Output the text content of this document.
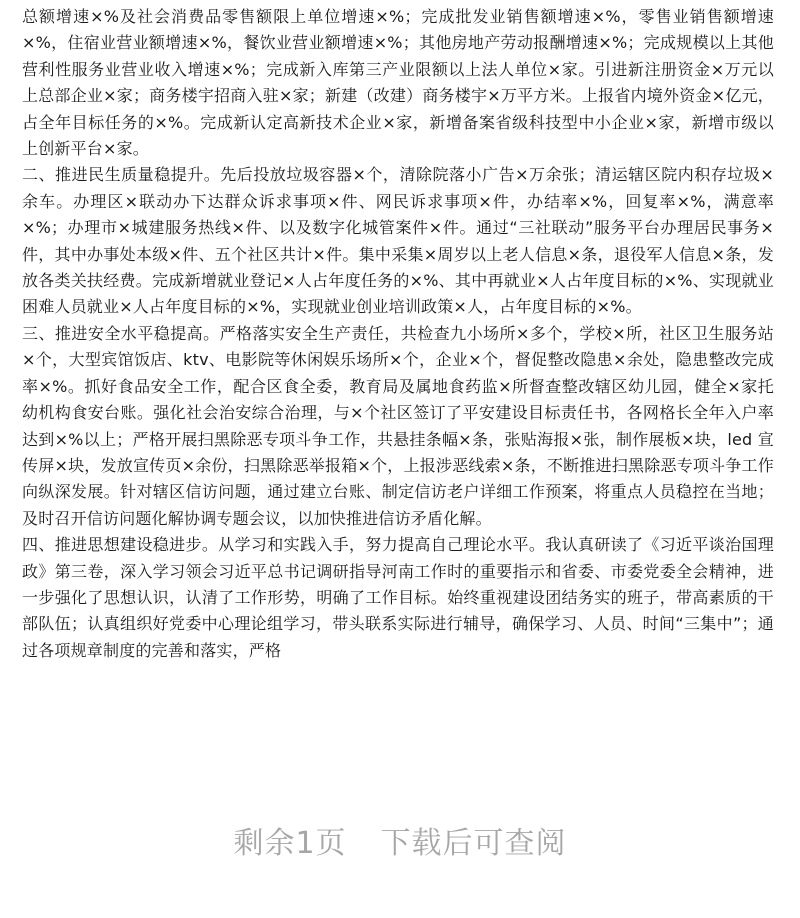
总额增速×%及社会消费品零售额限上单位增速×%；完成批发业销售额增速×%，零售业销售额增速×%，住宿业营业额增速×%，餐饮业营业额增速×%；其他房地产劳动报酬增速×%；完成规模以上其他营利性服务业营业收入增速×%；完成新入库第三产业限额以上法人单位×家。引进新注册资金×万元以上总部企业×家；商务楼宇招商入驻×家；新建（改建）商务楼宇×万平方米。上报省内境外资金×亿元，占全年目标任务的×%。完成新认定高新技术企业×家，新增备案省级科技型中小企业×家，新增市级以上创新平台×家。

二、推进民生质量稳提升。先后投放垃圾容器×个，清除院落小广告×万余张；清运辖区院内积存垃圾×余车。办理区×联动办下达群众诉求事项×件、网民诉求事项×件，办结率×%，回复率×%，满意率×%；办理市×城建服务热线×件、以及数字化城管案件×件。通过“三社联动”服务平台办理居民事务×件，其中办事处本级×件、五个社区共计×件。集中采集×周岁以上老人信息×条，退役军人信息×条，发放各类关扶经费。完成新增就业登记×人占年度任务的×%、其中再就业×人占年度目标的×%、实现就业困难人员就业×人占年度目标的×%，实现就业创业培训政策×人，占年度目标的×%。

三、推进安全水平稳提高。严格落实安全生产责任，共检查九小场所×多个，学校×所，社区卫生服务站×个，大型宾馆饭店、ktv、电影院等休闲娱乐场所×个，企业×个，督促整改隐患×余处，隐患整改完成率×%。抓好食品安全工作，配合区食全委，教育局及属地食药监×所督查整改辖区幼儿园，健全×家托幼机构食安台账。强化社会治安综合治理，与×个社区签订了平安建设目标责任书，各网格长全年入户率达到×%以上；严格开展扫黑除恶专项斗争工作，共悬挂条幅×条，张贴海报×张，制作展板×块，led 宣传屏×块，发放宣传页×余份，扫黑除恶举报箱×个，上报涉恶线索×条，不断推进扫黑除恶专项斗争工作向纵深发展。针对辖区信访问题，通过建立台账、制定信访老户详细工作预案，将重点人员稳控在当地；及时召开信访问题化解协调专题会议，以加快推进信访矛盾化解。

四、推进思想建设稳进步。从学习和实践入手，努力提高自己理论水平。我认真研读了《习近平谈治国理政》第三卷，深入学习领会习近平总书记调研指导河南工作时的重要指示和省委、市委党委全会精神，进一步强化了思想认识，认清了工作形势，明确了工作目标。始终重视建设团结务实的班子，带高素质的干部队伍；认真组织好党委中心理论组学习，带头联系实际进行辅导，确保学习、人员、时间“三集中”；通过各项规章制度的完善和落实，严格

剩余1页 下载后可查阅
